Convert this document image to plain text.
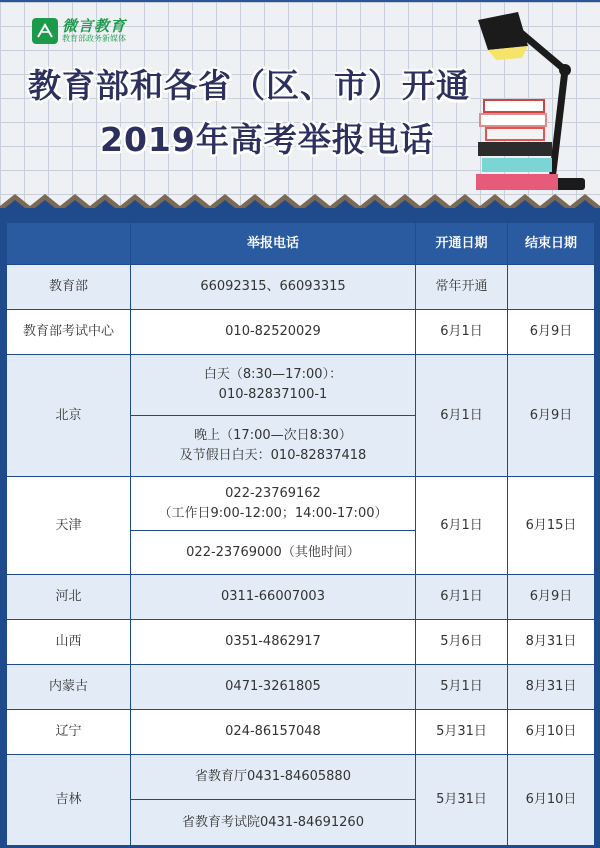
微言教育
教育部政务新媒体
教育部和各省（区、市）开通
2019年高考举报电话
	举报电话	开通日期	结束日期
教育部	66092315、66093315	常年开通	
教育部考试中心	010-82520029	6月1日	6月9日
北京	白天（8:30—17:00）：
010-82837100-1	6月1日	6月9日
	晚上（17:00—次日8:30）
及节假日白天：010-82837418		
天津	022-23769162
（工作日9:00-12:00；14:00-17:00）	6月1日	6月15日
	022-23769000（其他时间）		
河北	0311-66007003	6月1日	6月9日
山西	0351-4862917	5月6日	8月31日
内蒙古	0471-3261805	5月1日	8月31日
辽宁	024-86157048	5月31日	6月10日
吉林	省教育厅0431-84605880	5月31日	6月10日
	省教育考试院0431-84691260		
